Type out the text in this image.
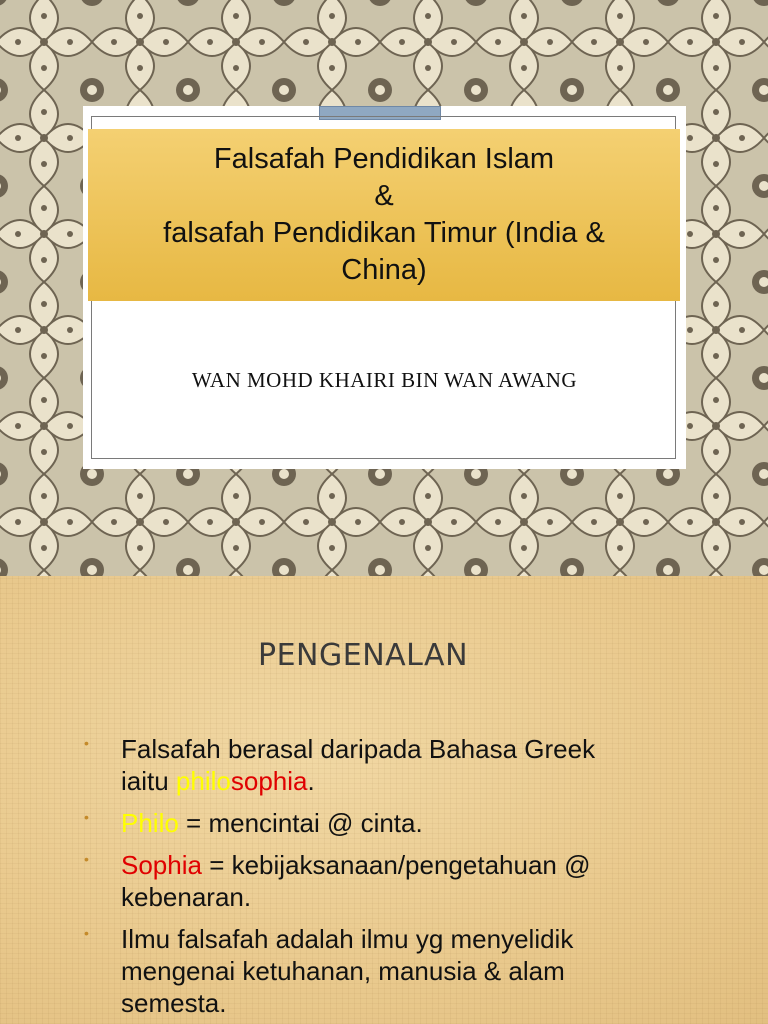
Falsafah Pendidikan Islam
&
falsafah Pendidikan Timur (India &
China)
WAN MOHD KHAIRI BIN WAN AWANG
PENGENALAN
• Falsafah berasal daripada Bahasa Greek
iaitu philosophia.
• Philo = mencintai @ cinta.
• Sophia = kebijaksanaan/pengetahuan @
kebenaran.
• Ilmu falsafah adalah ilmu yg menyelidik
mengenai ketuhanan, manusia & alam
semesta.
